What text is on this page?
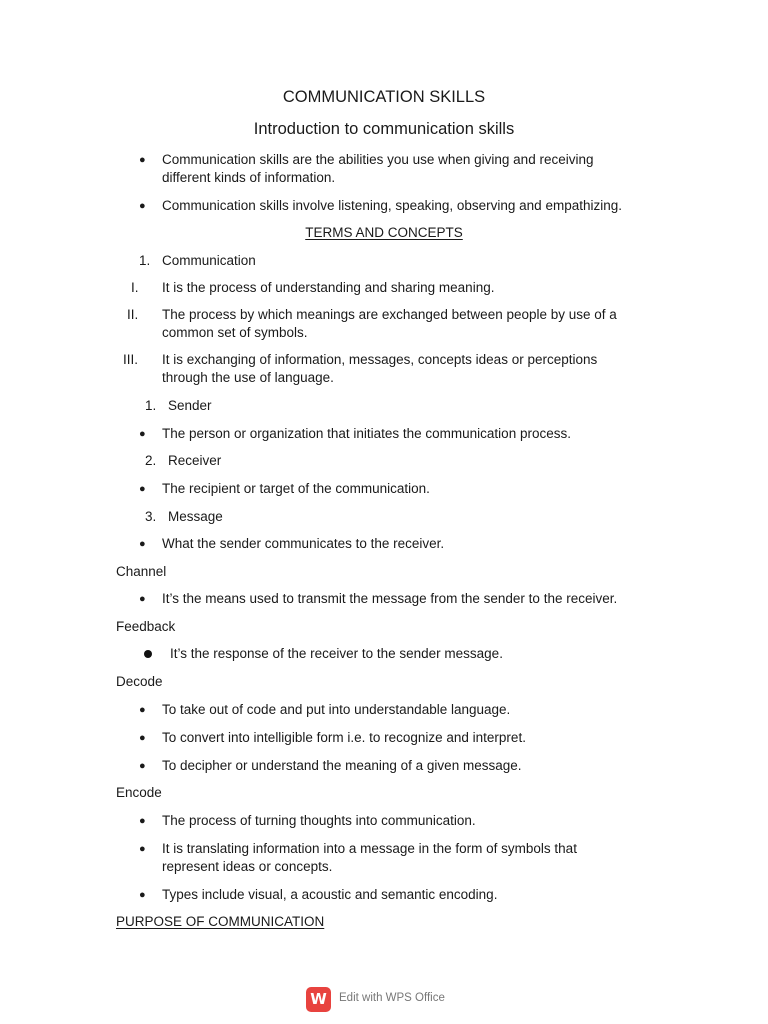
COMMUNICATION SKILLS
Introduction to communication skills
● Communication skills are the abilities you use when giving and receiving
different kinds of information.
● Communication skills involve listening, speaking, observing and empathizing.
TERMS AND CONCEPTS
1. Communication
I. It is the process of understanding and sharing meaning.
II. The process by which meanings are exchanged between people by use of a
common set of symbols.
III. It is exchanging of information, messages, concepts ideas or perceptions
through the use of language.
1. Sender
● The person or organization that initiates the communication process.
2. Receiver
● The recipient or target of the communication.
3. Message
● What the sender communicates to the receiver.
Channel
● It’s the means used to transmit the message from the sender to the receiver.
Feedback
It’s the response of the receiver to the sender message.
Decode
● To take out of code and put into understandable language.
● To convert into intelligible form i.e. to recognize and interpret.
● To decipher or understand the meaning of a given message.
Encode
● The process of turning thoughts into communication.
● It is translating information into a message in the form of symbols that
represent ideas or concepts.
● Types include visual, a acoustic and semantic encoding.
PURPOSE OF COMMUNICATION
W	Edit with WPS Office
